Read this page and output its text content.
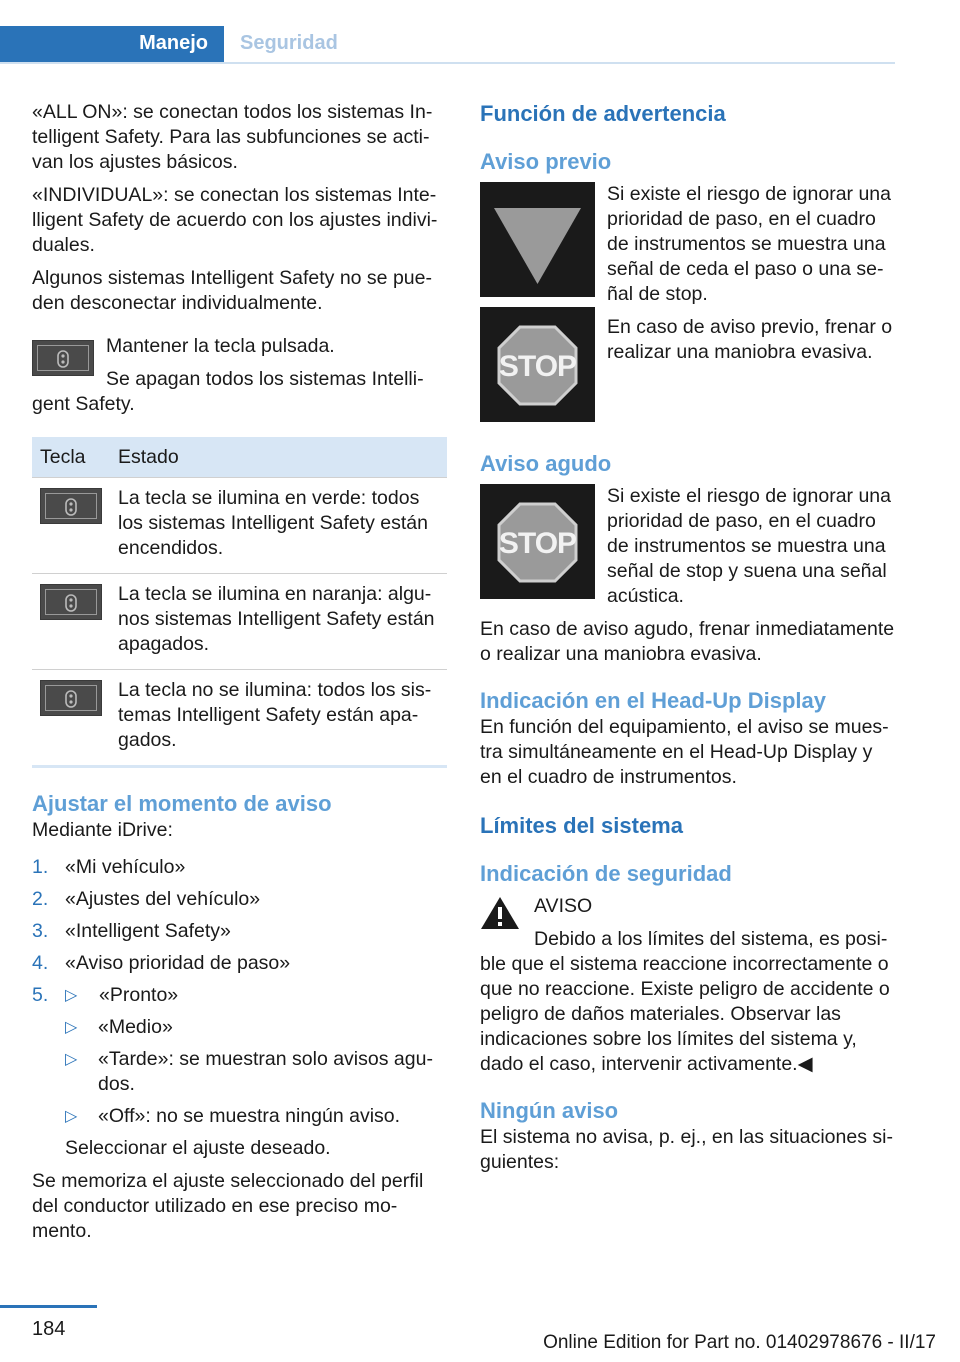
Manejo Seguridad

«ALL ON»: se conectan todos los sistemas Intelligent Safety. Para las subfunciones se activan los ajustes básicos.

«INDIVIDUAL»: se conectan los sistemas Intelligent Safety de acuerdo con los ajustes individuales.

Algunos sistemas Intelligent Safety no se pueden desconectar individualmente.

Mantener la tecla pulsada.

Se apagan todos los sistemas Intelligent Safety.

Tecla	Estado

	La tecla se ilumina en verde: todos los sistemas Intelligent Safety están encendidos.

	La tecla se ilumina en naranja: algunos sistemas Intelligent Safety están apagados.

	La tecla no se ilumina: todos los sistemas Intelligent Safety están apagados.
Ajustar el momento de aviso

Mediante iDrive:

1. «Mi vehículo»
2. «Ajustes del vehículo»
3. «Intelligent Safety»
4. «Aviso prioridad de paso»
5. ▷ «Pronto»
▷ «Medio»
▷ «Tarde»: se muestran solo avisos agudos.
▷ «Off»: no se muestra ningún aviso.

Seleccionar el ajuste deseado.

Se memoriza el ajuste seleccionado del perfil del conductor utilizado en ese preciso momento.

Función de advertencia
Aviso previo
STOP

Si existe el riesgo de ignorar una prioridad de paso, en el cuadro de instrumentos se muestra una señal de ceda el paso o una señal de stop.

En caso de aviso previo, frenar o realizar una maniobra evasiva.

Aviso agudo
STOP

Si existe el riesgo de ignorar una prioridad de paso, en el cuadro de instrumentos se muestra una señal de stop y suena una señal acústica.

En caso de aviso agudo, frenar inmediatamente o realizar una maniobra evasiva.

Indicación en el Head-Up Display

En función del equipamiento, el aviso se muestra simultáneamente en el Head-Up Display y en el cuadro de instrumentos.

Límites del sistema
Indicación de seguridad

AVISO

Debido a los límites del sistema, es posible que el sistema reaccione incorrectamente o que no reaccione. Existe peligro de accidente o peligro de daños materiales. Observar las indicaciones sobre los límites del sistema y, dado el caso, intervenir activamente.◀

Ningún aviso

El sistema no avisa, p. ej., en las situaciones siguientes:

184
Online Edition for Part no. 01402978676 - II/17
